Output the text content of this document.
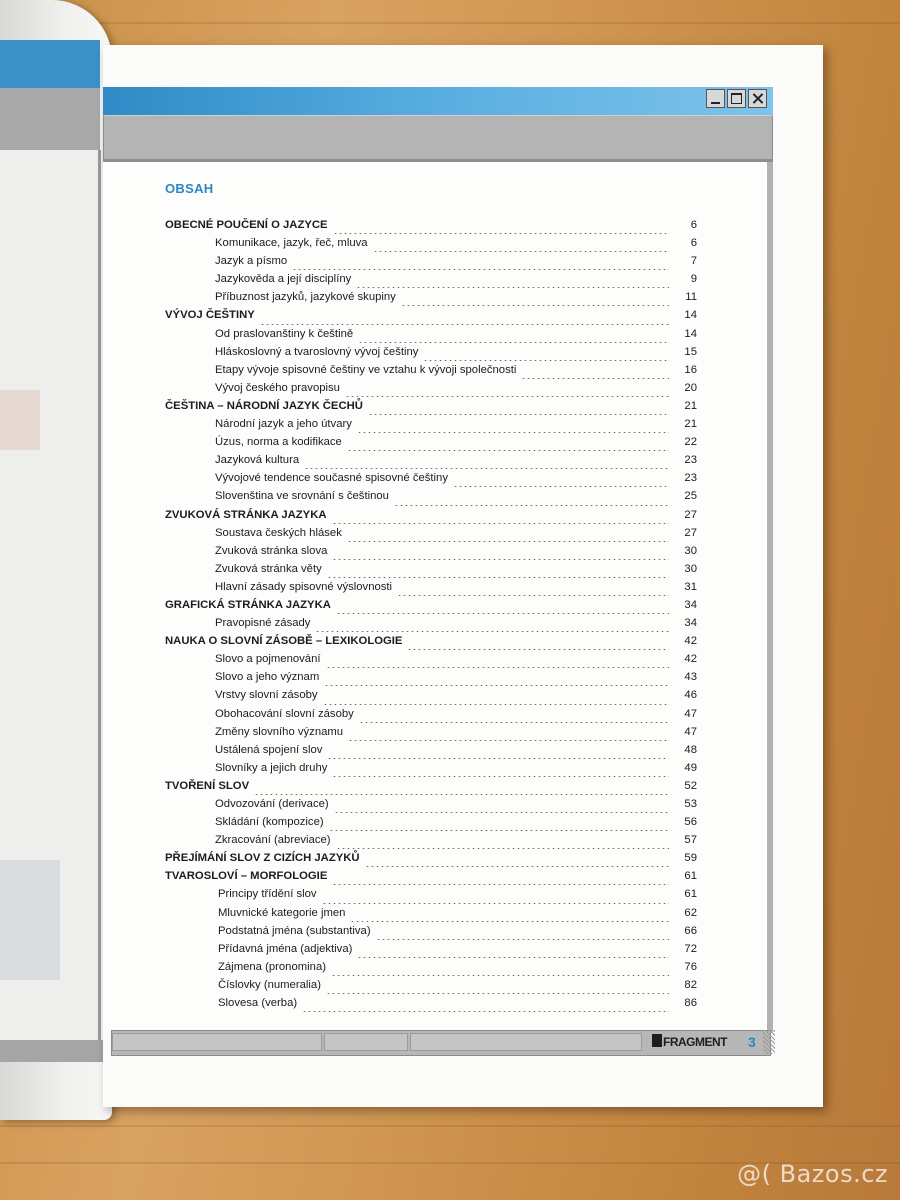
OBSAH
OBECNÉ POUČENÍ O JAZYCE	6
Komunikace, jazyk, řeč, mluva	6
Jazyk a písmo	7
Jazykověda a její disciplíny	9
Příbuznost jazyků, jazykové skupiny	11
VÝVOJ ČEŠTINY	14
Od praslovanštiny k češtině	14
Hláskoslovný a tvaroslovný vývoj češtiny	15
Etapy vývoje spisovné češtiny ve vztahu k vývoji společnosti	16
Vývoj českého pravopisu	20
ČEŠTINA – NÁRODNÍ JAZYK ČECHŮ	21
Národní jazyk a jeho útvary	21
Úzus, norma a kodifikace	22
Jazyková kultura	23
Vývojové tendence současné spisovné češtiny	23
Slovenština ve srovnání s češtinou	25
ZVUKOVÁ STRÁNKA JAZYKA	27
Soustava českých hlásek	27
Zvuková stránka slova	30
Zvuková stránka věty	30
Hlavní zásady spisovné výslovnosti	31
GRAFICKÁ STRÁNKA JAZYKA	34
Pravopisné zásady	34
NAUKA O SLOVNÍ ZÁSOBĚ – LEXIKOLOGIE	42
Slovo a pojmenování	42
Slovo a jeho význam	43
Vrstvy slovní zásoby	46
Obohacování slovní zásoby	47
Změny slovního významu	47
Ustálená spojení slov	48
Slovníky a jejich druhy	49
TVOŘENÍ SLOV	52
Odvozování (derivace)	53
Skládání (kompozice)	56
Zkracování (abreviace)	57
PŘEJÍMÁNÍ SLOV Z CIZÍCH JAZYKŮ	59
TVAROSLOVÍ – MORFOLOGIE	61
Principy třídění slov	61
Mluvnické kategorie jmen	62
Podstatná jména (substantiva)	66
Přídavná jména (adjektiva)	72
Zájmena (pronomina)	76
Číslovky (numeralia)	82
Slovesa (verba)	86
FRAGMENT 3
@( Bazos.cz
